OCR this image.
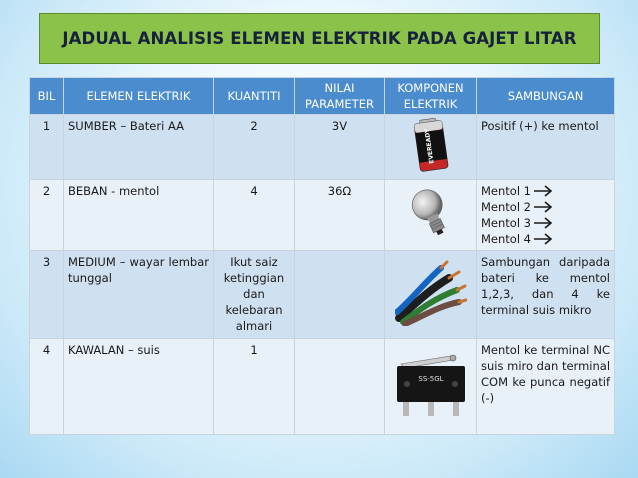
JADUAL ANALISIS ELEMEN ELEKTRIK PADA GAJET LITAR
BIL	ELEMEN ELEKTRIK	KUANTITI	NILAI PARAMETER	KOMPONEN ELEKTRIK	SAMBUNGAN
1	SUMBER – Bateri AA	2	3V	EVEREADY	Positif (+) ke mentol
2	BEBAN - mentol	4	36Ω		Mentol 1
Mentol 2
Mentol 3
Mentol 4

3	MEDIUM – wayar lembar tunggal	Ikut saiz ketinggian dan kelebaran almari			Sambungan daripada bateri ke mentol 1,2,3, dan 4 ke terminal suis mikro
4	KAWALAN – suis	1		SS-5GL	Mentol ke terminal NC suis miro dan terminal COM ke punca negatif (-)
